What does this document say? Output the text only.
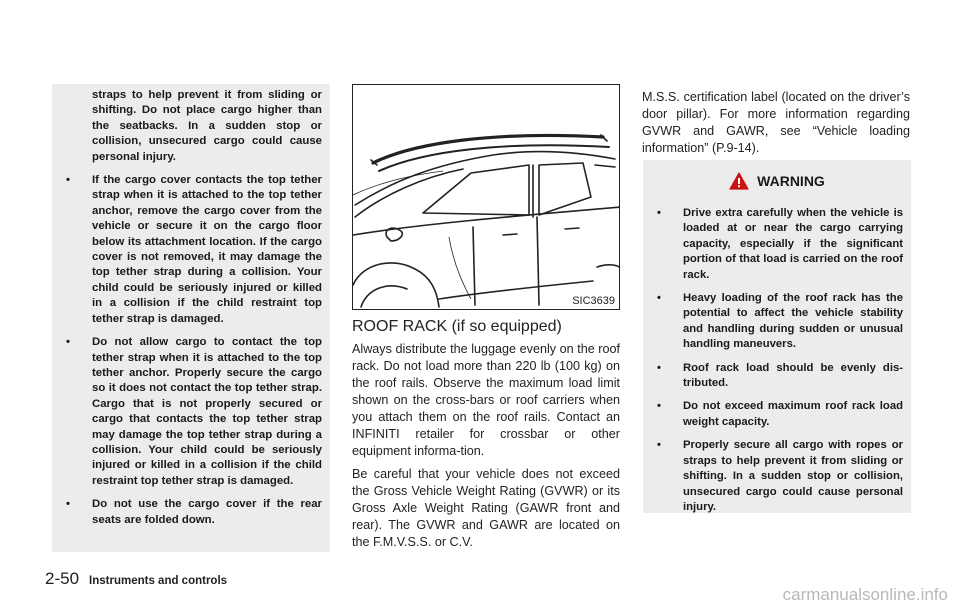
straps to help prevent it from sliding or shifting. Do not place cargo higher than the seatbacks. In a sudden stop or collision, unsecured cargo could cause personal injury.

•	If the cargo cover contacts the top tether strap when it is attached to the top tether anchor, remove the cargo cover from the vehicle or secure it on the cargo floor below its attachment location. If the cargo cover is not removed, it may damage the top tether strap during a collision. Your child could be seriously injured or killed in a collision if the child restraint top tether strap is damaged.
•	Do not allow cargo to contact the top tether strap when it is attached to the top tether anchor. Properly secure the cargo so it does not contact the top tether strap. Cargo that is not properly secured or cargo that contacts the top tether strap may damage the top tether strap during a collision. Your child could be seriously injured or killed in a collision if the child restraint top tether strap is damaged.
•	Do not use the cargo cover if the rear seats are folded down.
SIC3639
ROOF RACK (if so equipped)

Always distribute the luggage evenly on the roof rack. Do not load more than 220 lb (100 kg) on the roof rails. Observe the maximum load limit shown on the cross-bars or roof carriers when you attach them on the roof rails. Contact an INFINITI retailer for crossbar or other equipment informa-tion.

Be careful that your vehicle does not exceed the Gross Vehicle Weight Rating (GVWR) or its Gross Axle Weight Rating (GAWR front and rear). The GVWR and GAWR are located on the F.M.V.S.S. or C.V.

M.S.S. certification label (located on the driver’s door pillar). For more information regarding GVWR and GAWR, see “Vehicle loading information” (P.9-14).

WARNING
•	Drive extra carefully when the vehicle is loaded at or near the cargo carrying capacity, especially if the significant portion of that load is carried on the roof rack.
•	Heavy loading of the roof rack has the potential to affect the vehicle stability and handling during sudden or unusual handling maneuvers.
•	Roof rack load should be evenly dis-tributed.
•	Do not exceed maximum roof rack load weight capacity.
•	Properly secure all cargo with ropes or straps to help prevent it from sliding or shifting. In a sudden stop or collision, unsecured cargo could cause personal injury.
2-50 Instruments and controls
carmanualsonline.info
